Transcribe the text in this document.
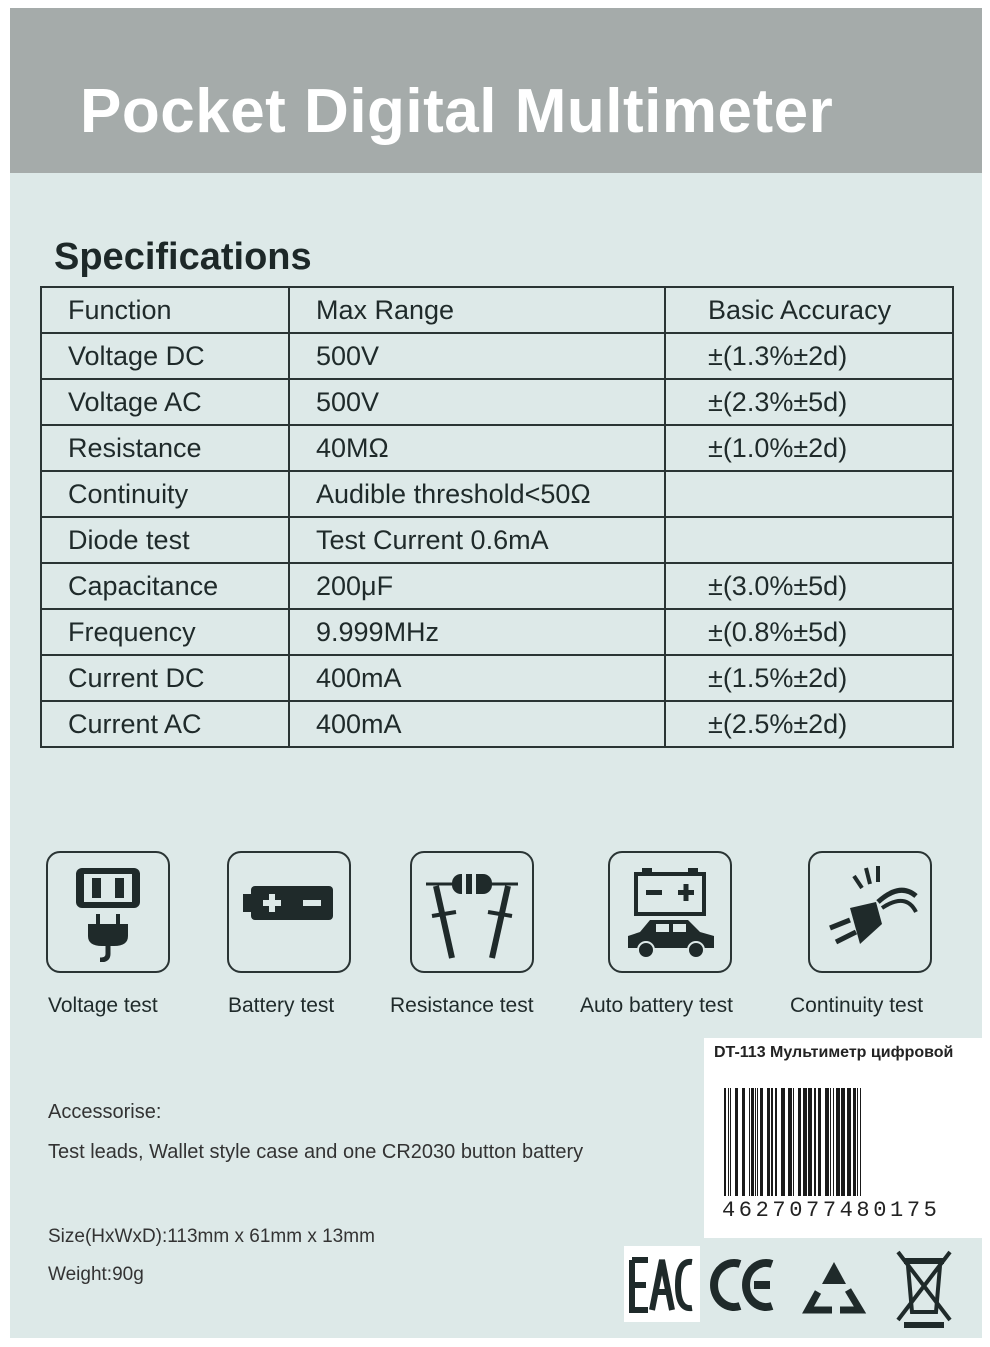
Pocket Digital Multimeter
Specifications
Function	Max Range	Basic Accuracy
Voltage DC	500V	±(1.3%±2d)
Voltage AC	500V	±(2.3%±5d)
Resistance	40MΩ	±(1.0%±2d)
Continuity	Audible threshold<50Ω	
Diode test	Test Current 0.6mA	
Capacitance	200μF	±(3.0%±5d)
Frequency	9.999MHz	±(0.8%±5d)
Current DC	400mA	±(1.5%±2d)
Current AC	400mA	±(2.5%±2d)
Voltage test	Battery test	Resistance test Auto battery test	Continuity test
DT-113 Мультиметр цифровой
4627077480175
Accessorise:
Test leads, Wallet style case and one CR2030 button battery
Size(HxWxD):113mm x 61mm x 13mm
Weight:90g
